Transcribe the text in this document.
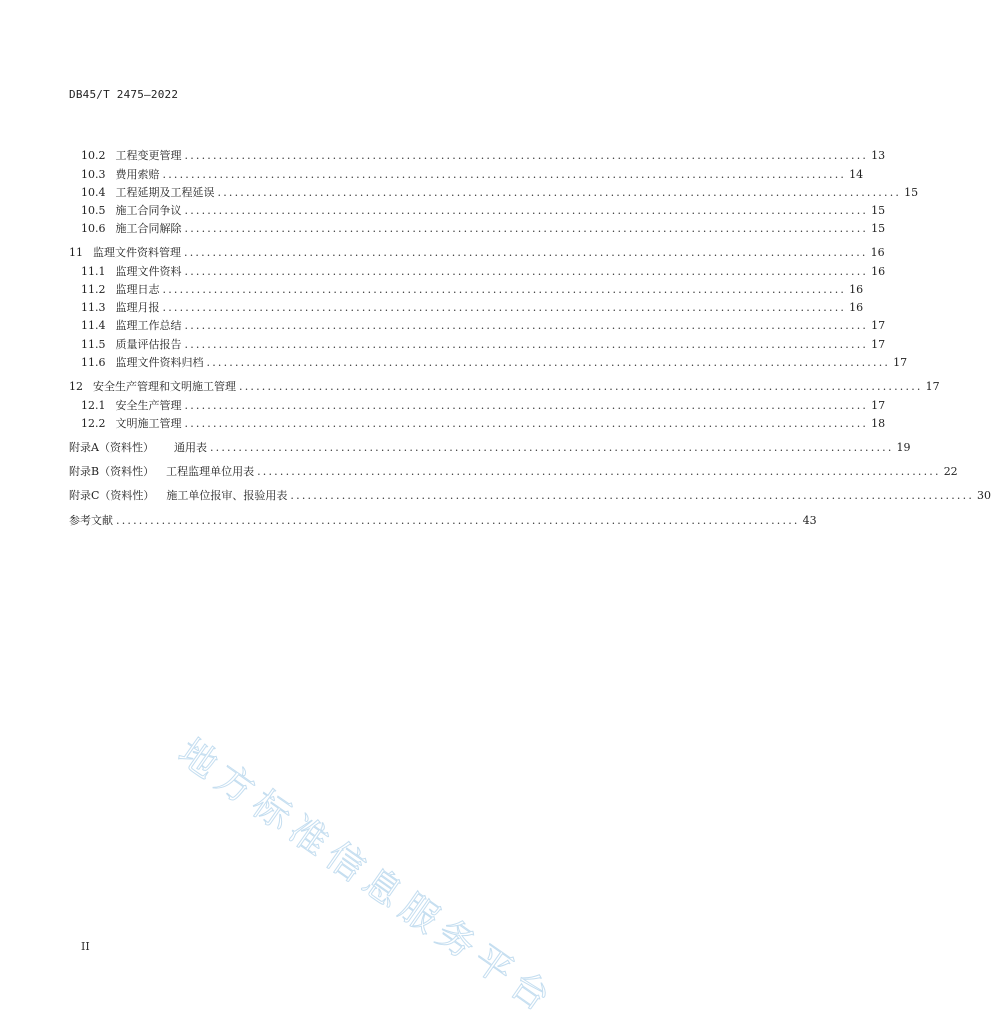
DB45/T 2475—2022
10.2 工程变更管理 ........................................................................................................................ 13
10.3 费用索赔 ........................................................................................................................ 14
10.4 工程延期及工程延误 ........................................................................................................................ 15
10.5 施工合同争议 ........................................................................................................................ 15
10.6 施工合同解除 ........................................................................................................................ 15
11 监理文件资料管理 ........................................................................................................................ 16
11.1 监理文件资料 ........................................................................................................................ 16
11.2 监理日志 ........................................................................................................................ 16
11.3 监理月报 ........................................................................................................................ 16
11.4 监理工作总结 ........................................................................................................................ 17
11.5 质量评估报告 ........................................................................................................................ 17
11.6 监理文件资料归档 ........................................................................................................................ 17
12 安全生产管理和文明施工管理 ........................................................................................................................ 17
12.1 安全生产管理 ........................................................................................................................ 17
12.2 文明施工管理 ........................................................................................................................ 18
附录A（资料性） 通用表 ........................................................................................................................ 19
附录B（资料性） 工程监理单位用表 ........................................................................................................................ 22
附录C（资料性） 施工单位报审、报验用表 ........................................................................................................................ 30
参考文献 ........................................................................................................................ 43
地方标准信息服务平台
II
